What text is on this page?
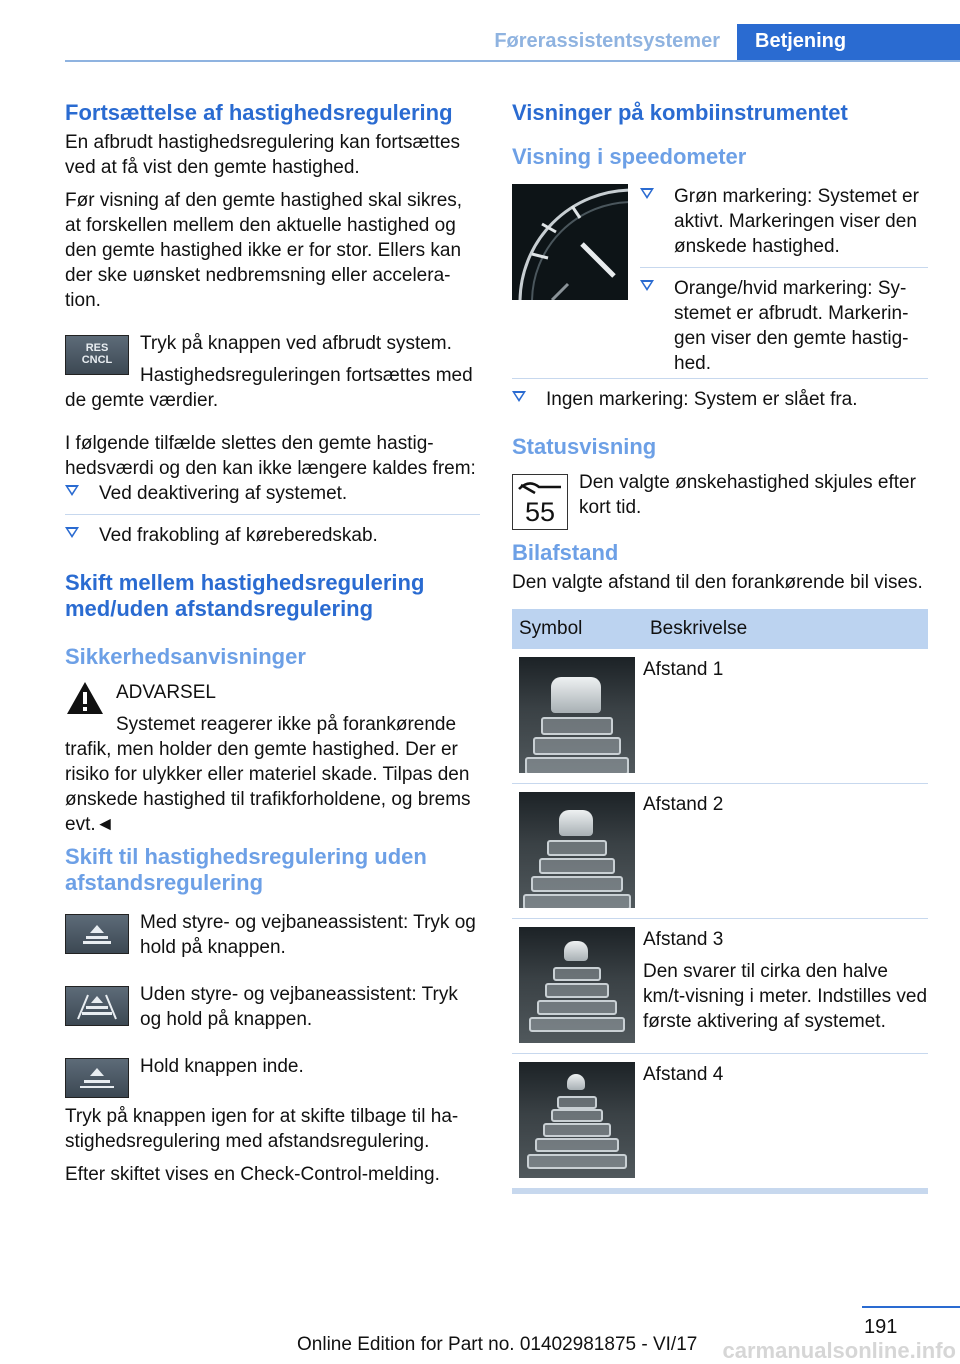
Førerassistentsystemer Betjening
Fortsættelse af hastighedsregulering

En afbrudt hastighedsregulering kan fortsættes ved at få vist den gemte hastighed.

Før visning af den gemte hastighed skal sikres, at forskellen mellem den aktuelle hastighed og den gemte hastighed ikke er for stor. Ellers kan der ske uønsket nedbremsning eller acceleration.

RES
CNCL

Tryk på knappen ved afbrudt system.

Hastighedsreguleringen fortsættes med de gemte værdier.

I følgende tilfælde slettes den gemte hastighedsværdi og den kan ikke længere kaldes frem:

Ved deaktivering af systemet.
Ved frakobling af køreberedskab.
Skift mellem hastighedsregulering med/uden afstandsregulering
Sikkerhedsanvisninger

ADVARSEL

Systemet reagerer ikke på forankørende trafik, men holder den gemte hastighed. Der er risiko for ulykker eller materiel skade. Tilpas den ønskede hastighed til trafikforholdene, og brems evt.◄

Skift til hastighedsregulering uden afstandsregulering

Med styre- og vejbaneassistent: Tryk og hold på knappen.

Uden styre- og vejbaneassistent: Tryk og hold på knappen.

Hold knappen inde.

Tryk på knappen igen for at skifte tilbage til hastighedsregulering med afstandsregulering.

Efter skiftet vises en Check-Control-melding.

Visninger på kombiinstrumentet
Visning i speedometer
Grøn markering: Systemet er aktivt. Markeringen viser den ønskede hastighed.
Orange/hvid markering: Systemet er afbrudt. Markeringen viser den gemte hastighed.
Ingen markering: System er slået fra.
Statusvisning
55

Den valgte ønskehastighed skjules efter kort tid.

Bilafstand

Den valgte afstand til den forankørende bil vises.

Symbol	Beskrivelse

	Afstand 1

	Afstand 2

	Afstand 3
Den svarer til cirka den halve km/t-visning i meter. Indstilles ved første aktivering af systemet.

	Afstand 4
191
Online Edition for Part no. 01402981875 - VI/17 carmanualsonline.info
